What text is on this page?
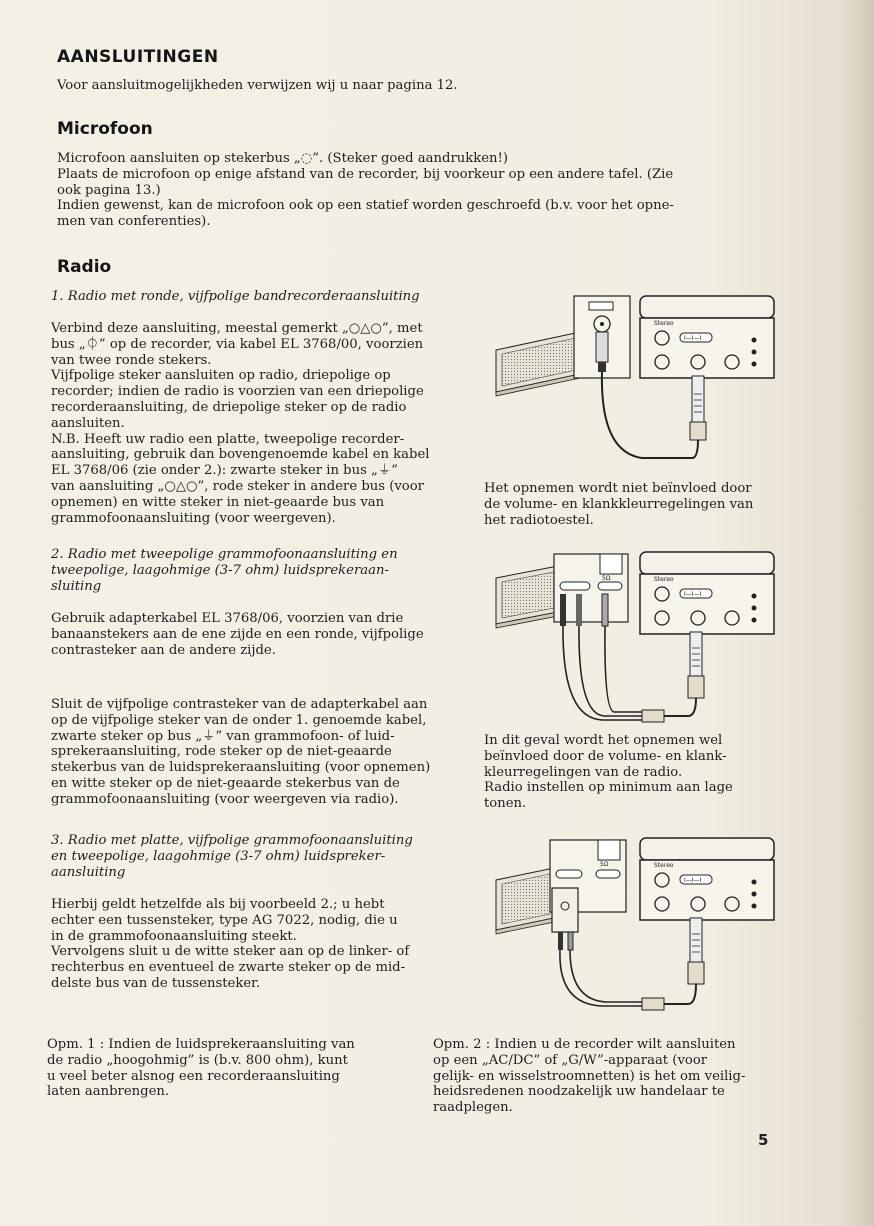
AANSLUITINGEN
Voor aansluitmogelijkheden verwijzen wij u naar pagina 12.
Microfoon
Microfoon aansluiten op stekerbus „◌”. (Steker goed aandrukken!)
Plaats de microfoon op enige afstand van de recorder, bij voorkeur op een andere tafel. (Zie
ook pagina 13.)
Indien gewenst, kan de microfoon ook op een statief worden geschroefd (b.v. voor het opne-
men van conferenties).
Radio
1. Radio met ronde, vijfpolige bandrecorderaansluiting
Verbind deze aansluiting, meestal gemerkt „○△○”, met
bus „⏀” op de recorder, via kabel EL 3768/00, voorzien
van twee ronde stekers.
Vijfpolige steker aansluiten op radio, driepolige op
recorder; indien de radio is voorzien van een driepolige
recorderaansluiting, de driepolige steker op de radio
aansluiten.
N.B. Heeft uw radio een platte, tweepolige recorder-
aansluiting, gebruik dan bovengenoemde kabel en kabel
EL 3768/06 (zie onder 2.): zwarte steker in bus „⏚”
van aansluiting „○△○”, rode steker in andere bus (voor
opnemen) en witte steker in niet-geaarde bus van
grammofoonaansluiting (voor weergeven).
Stereo
I—I—I
Het opnemen wordt niet beïnvloed door
de volume- en klankkleurregelingen van
het radiotoestel.
2. Radio met tweepolige grammofoonaansluiting en
tweepolige, laagohmige (3-7 ohm) luidsprekeraan-
sluiting
Gebruik adapterkabel EL 3768/06, voorzien van drie
banaanstekers aan de ene zijde en een ronde, vijfpolige
contrasteker aan de andere zijde.
Sluit de vijfpolige contrasteker van de adapterkabel aan
op de vijfpolige steker van de onder 1. genoemde kabel,
zwarte steker op bus „⏚” van grammofoon- of luid-
sprekeraansluiting, rode steker op de niet-geaarde
stekerbus van de luidsprekeraansluiting (voor opnemen)
en witte steker op de niet-geaarde stekerbus van de
grammofoonaansluiting (voor weergeven via radio).
5Ω	Stereo
I—I—I
In dit geval wordt het opnemen wel
beïnvloed door de volume- en klank-
kleurregelingen van de radio.
Radio instellen op minimum aan lage
tonen.
3. Radio met platte, vijfpolige grammofoonaansluiting
en tweepolige, laagohmige (3-7 ohm) luidspreker-
aansluiting
Hierbij geldt hetzelfde als bij voorbeeld 2.; u hebt
echter een tussensteker, type AG 7022, nodig, die u
in de grammofoonaansluiting steekt.
Vervolgens sluit u de witte steker aan op de linker- of
rechterbus en eventueel de zwarte steker op de mid-
delste bus van de tussensteker.
5Ω	Stereo
I—I—I
Opm. 1 : Indien de luidsprekeraansluiting van
de radio „hoogohmig” is (b.v. 800 ohm), kunt
u veel beter alsnog een recorderaansluiting
laten aanbrengen.
Opm. 2 : Indien u de recorder wilt aansluiten
op een „AC/DC” of „G/W”-apparaat (voor
gelijk- en wisselstroomnetten) is het om veilig-
heidsredenen noodzakelijk uw handelaar te
raadplegen.
5
